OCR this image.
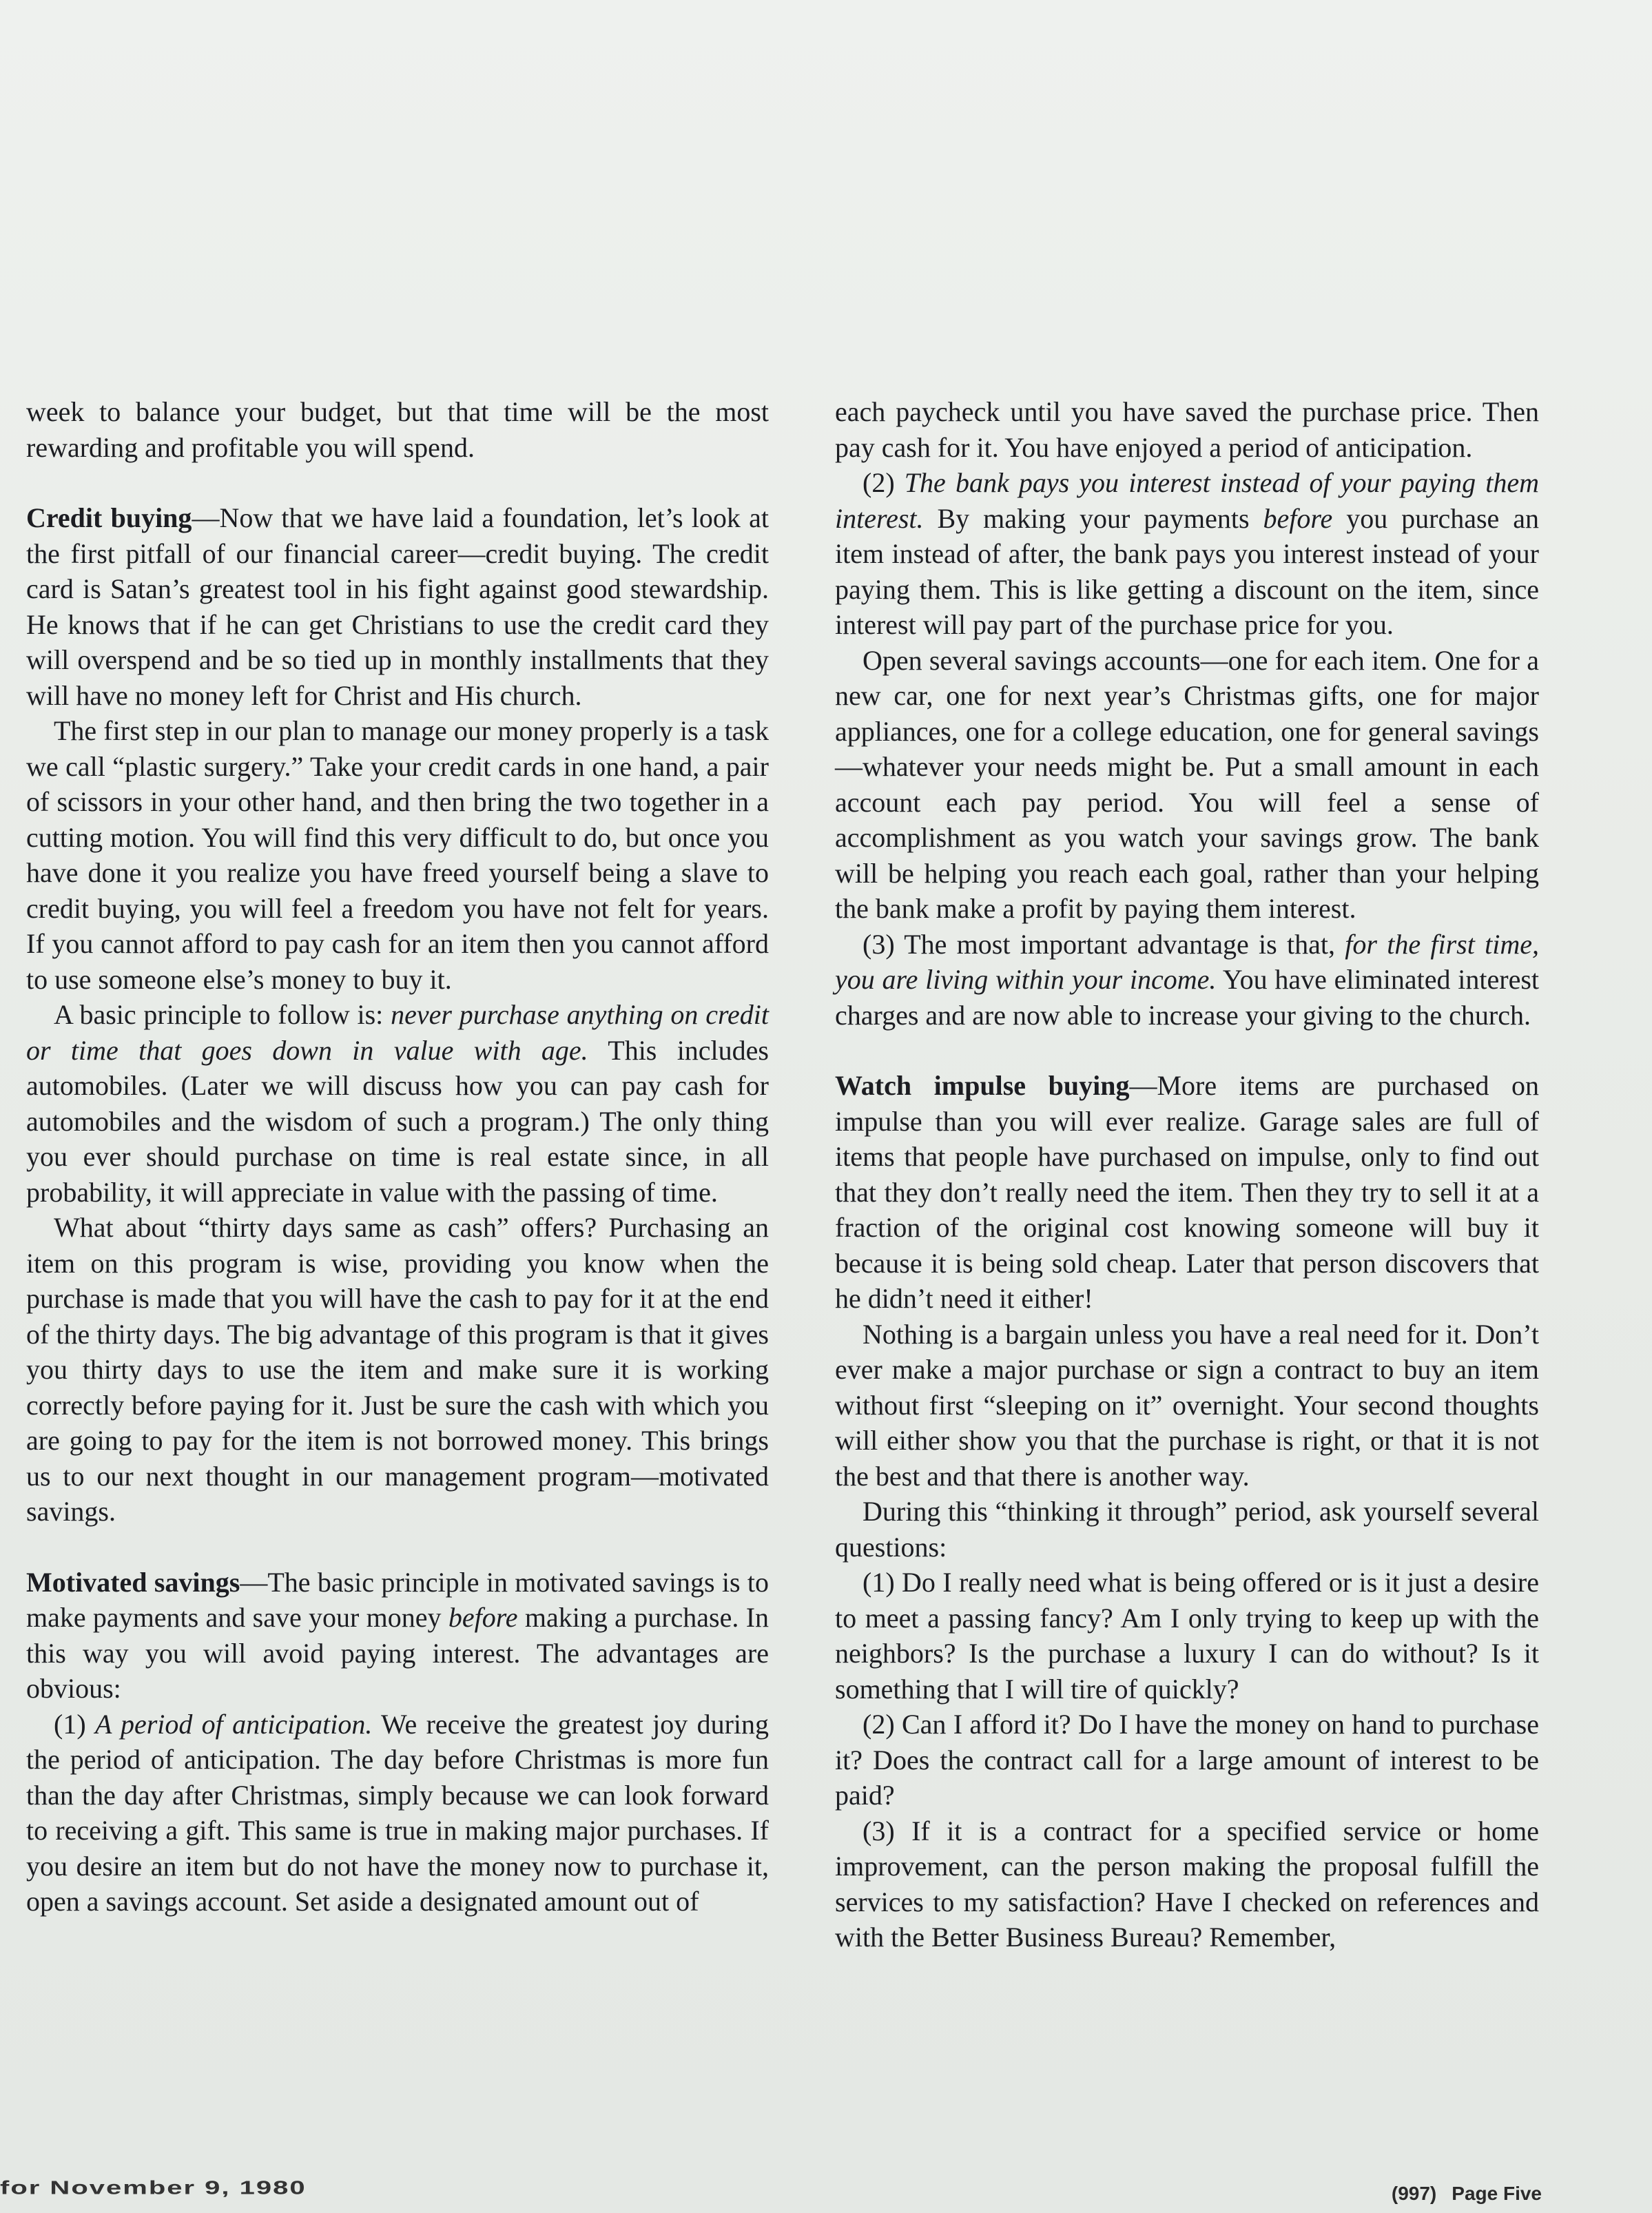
week to balance your budget, but that time will be the most rewarding and profitable you will spend.

Credit buying—Now that we have laid a foundation, let’s look at the first pitfall of our financial career—credit buying. The credit card is Satan’s greatest tool in his fight against good stewardship. He knows that if he can get Christians to use the credit card they will overspend and be so tied up in monthly installments that they will have no money left for Christ and His church.

The first step in our plan to manage our money properly is a task we call “plastic surgery.” Take your credit cards in one hand, a pair of scissors in your other hand, and then bring the two together in a cutting motion. You will find this very difficult to do, but once you have done it you realize you have freed yourself being a slave to credit buying, you will feel a freedom you have not felt for years. If you cannot afford to pay cash for an item then you cannot afford to use someone else’s money to buy it.

A basic principle to follow is: never purchase anything on credit or time that goes down in value with age. This includes automobiles. (Later we will discuss how you can pay cash for automobiles and the wisdom of such a program.) The only thing you ever should purchase on time is real estate since, in all probability, it will appreciate in value with the passing of time.

What about “thirty days same as cash” offers? Purchasing an item on this program is wise, providing you know when the purchase is made that you will have the cash to pay for it at the end of the thirty days. The big advantage of this program is that it gives you thirty days to use the item and make sure it is working correctly before paying for it. Just be sure the cash with which you are going to pay for the item is not borrowed money. This brings us to our next thought in our management program—motivated savings.

Motivated savings—The basic principle in motivated savings is to make payments and save your money before making a purchase. In this way you will avoid paying interest. The advantages are obvious:

(1) A period of anticipation. We receive the greatest joy during the period of anticipation. The day before Christmas is more fun than the day after Christmas, simply because we can look forward to receiving a gift. This same is true in making major purchases. If you desire an item but do not have the money now to purchase it, open a savings account. Set aside a designated amount out of

each paycheck until you have saved the purchase price. Then pay cash for it. You have enjoyed a period of anticipation.

(2) The bank pays you interest instead of your paying them interest. By making your payments before you purchase an item instead of after, the bank pays you interest instead of your paying them. This is like getting a discount on the item, since interest will pay part of the purchase price for you.

Open several savings accounts—one for each item. One for a new car, one for next year’s Christmas gifts, one for major appliances, one for a college education, one for general savings—whatever your needs might be. Put a small amount in each account each pay period. You will feel a sense of accomplishment as you watch your savings grow. The bank will be helping you reach each goal, rather than your helping the bank make a profit by paying them interest.

(3) The most important advantage is that, for the first time, you are living within your income. You have eliminated interest charges and are now able to increase your giving to the church.

Watch impulse buying—More items are purchased on impulse than you will ever realize. Garage sales are full of items that people have purchased on impulse, only to find out that they don’t really need the item. Then they try to sell it at a fraction of the original cost knowing someone will buy it because it is being sold cheap. Later that person discovers that he didn’t need it either!

Nothing is a bargain unless you have a real need for it. Don’t ever make a major purchase or sign a contract to buy an item without first “sleeping on it” overnight. Your second thoughts will either show you that the purchase is right, or that it is not the best and that there is another way.

During this “thinking it through” period, ask yourself several questions:

(1) Do I really need what is being offered or is it just a desire to meet a passing fancy? Am I only trying to keep up with the neighbors? Is the purchase a luxury I can do without? Is it something that I will tire of quickly?

(2) Can I afford it? Do I have the money on hand to purchase it? Does the contract call for a large amount of interest to be paid?

(3) If it is a contract for a specified service or home improvement, can the person making the proposal fulfill the services to my satisfaction? Have I checked on references and with the Better Business Bureau? Remember,

for November 9, 1980	(997) Page Five
